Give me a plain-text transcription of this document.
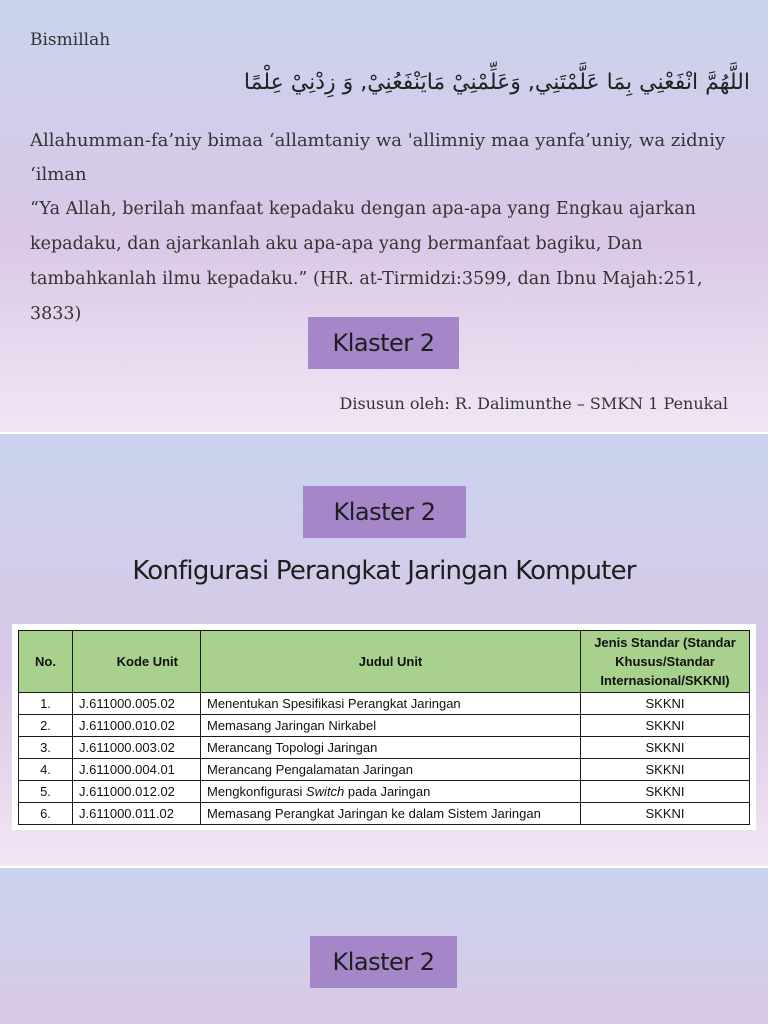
Bismillah
اللَّهُمَّ انْفَعْنِي بِمَا عَلَّمْتَنِي, وَعَلِّمْنِيْ مَايَنْفَعُنِيْ, وَ زِدْنِيْ عِلْمًا
Allahumman-fa’niy bimaa ‘allamtaniy wa 'allimniy maa yanfa’uniy, wa zidniy ‘ilman
“Ya Allah, berilah manfaat kepadaku dengan apa-apa yang Engkau ajarkan kepadaku, dan ajarkanlah aku apa-apa yang bermanfaat bagiku, Dan tambahkanlah ilmu kepadaku.” (HR. at-Tirmidzi:3599, dan Ibnu Majah:251, 3833)
Klaster 2
Disusun oleh: R. Dalimunthe – SMKN 1 Penukal
Klaster 2
Konfigurasi Perangkat Jaringan Komputer
No.	Kode Unit	Judul Unit	Jenis Standar (Standar Khusus/Standar Internasional/SKKNI)
1.	J.611000.005.02	Menentukan Spesifikasi Perangkat Jaringan	SKKNI
2.	J.611000.010.02	Memasang Jaringan Nirkabel	SKKNI
3.	J.611000.003.02	Merancang Topologi Jaringan	SKKNI
4.	J.611000.004.01	Merancang Pengalamatan Jaringan	SKKNI
5.	J.611000.012.02	Mengkonfigurasi Switch pada Jaringan	SKKNI
6.	J.611000.011.02	Memasang Perangkat Jaringan ke dalam Sistem Jaringan	SKKNI
Klaster 2
